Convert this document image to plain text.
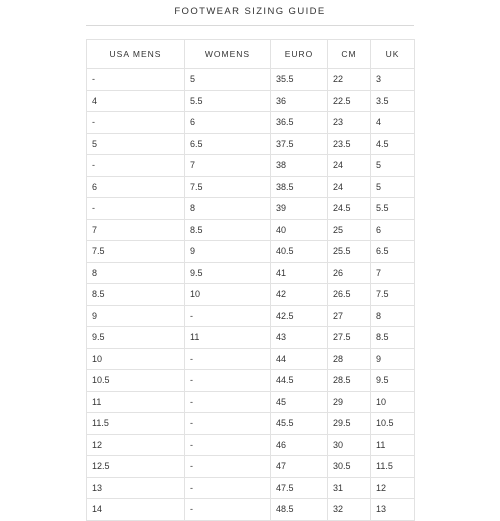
FOOTWEAR SIZING GUIDE
USA MENS	WOMENS	EURO	CM	UK
-	5	35.5	22	3
4	5.5	36	22.5	3.5
-	6	36.5	23	4
5	6.5	37.5	23.5	4.5
-	7	38	24	5
6	7.5	38.5	24	5
-	8	39	24.5	5.5
7	8.5	40	25	6
7.5	9	40.5	25.5	6.5
8	9.5	41	26	7
8.5	10	42	26.5	7.5
9	-	42.5	27	8
9.5	11	43	27.5	8.5
10	-	44	28	9
10.5	-	44.5	28.5	9.5
11	-	45	29	10
11.5	-	45.5	29.5	10.5
12	-	46	30	11
12.5	-	47	30.5	11.5
13	-	47.5	31	12
14	-	48.5	32	13
